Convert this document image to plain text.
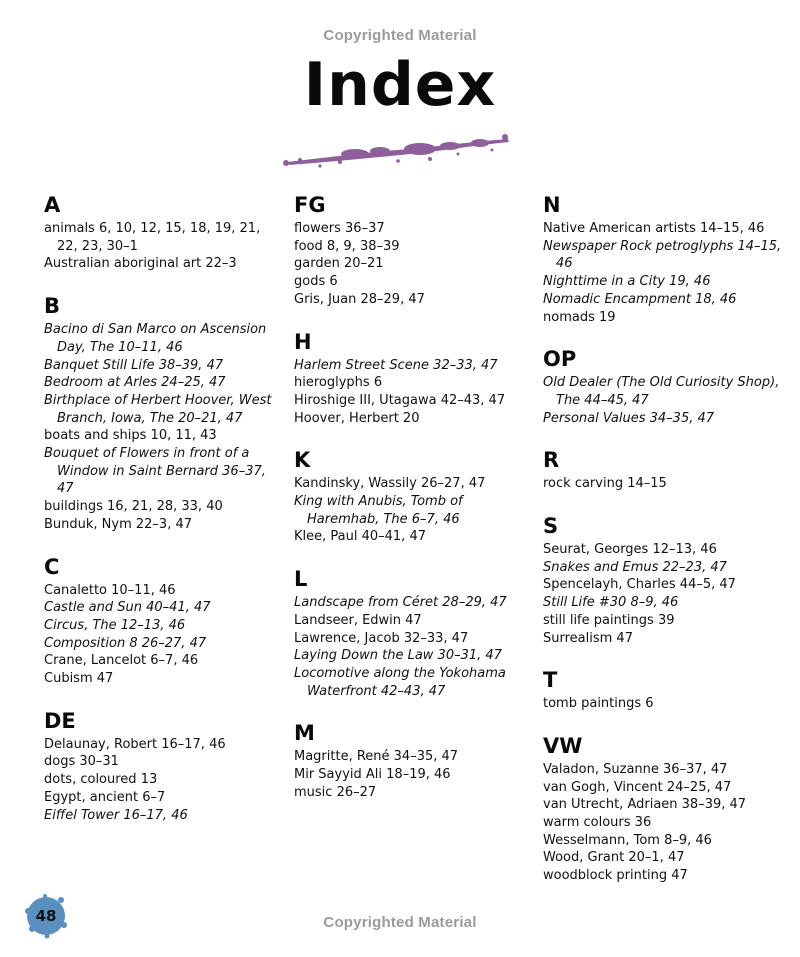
Copyrighted Material
Index
A
animals 6, 10, 12, 15, 18, 19, 21, 22, 23, 30–1
Australian aboriginal art 22–3
B
Bacino di San Marco on Ascension Day, The 10–11, 46
Banquet Still Life 38–39, 47
Bedroom at Arles 24–25, 47
Birthplace of Herbert Hoover, West Branch, Iowa, The 20–21, 47
boats and ships 10, 11, 43
Bouquet of Flowers in front of a Window in Saint Bernard 36–37, 47
buildings 16, 21, 28, 33, 40
Bunduk, Nym 22–3, 47
C
Canaletto 10–11, 46
Castle and Sun 40–41, 47
Circus, The 12–13, 46
Composition 8 26–27, 47
Crane, Lancelot 6–7, 46
Cubism 47
DE
Delaunay, Robert 16–17, 46
dogs 30–31
dots, coloured 13
Egypt, ancient 6–7
Eiffel Tower 16–17, 46
FG
flowers 36–37
food 8, 9, 38–39
garden 20–21
gods 6
Gris, Juan 28–29, 47
H
Harlem Street Scene 32–33, 47
hieroglyphs 6
Hiroshige III, Utagawa 42–43, 47
Hoover, Herbert 20
K
Kandinsky, Wassily 26–27, 47
King with Anubis, Tomb of Haremhab, The 6–7, 46
Klee, Paul 40–41, 47
L
Landscape from Céret 28–29, 47
Landseer, Edwin 47
Lawrence, Jacob 32–33, 47
Laying Down the Law 30–31, 47
Locomotive along the Yokohama Waterfront 42–43, 47
M
Magritte, René 34–35, 47
Mir Sayyid Ali 18–19, 46
music 26–27
N
Native American artists 14–15, 46
Newspaper Rock petroglyphs 14–15, 46
Nighttime in a City 19, 46
Nomadic Encampment 18, 46
nomads 19
OP
Old Dealer (The Old Curiosity Shop), The 44–45, 47
Personal Values 34–35, 47
R
rock carving 14–15
S
Seurat, Georges 12–13, 46
Snakes and Emus 22–23, 47
Spencelayh, Charles 44–5, 47
Still Life #30 8–9, 46
still life paintings 39
Surrealism 47
T
tomb paintings 6
VW
Valadon, Suzanne 36–37, 47
van Gogh, Vincent 24–25, 47
van Utrecht, Adriaen 38–39, 47
warm colours 36
Wesselmann, Tom 8–9, 46
Wood, Grant 20–1, 47
woodblock printing 47
48	Copyrighted Material
